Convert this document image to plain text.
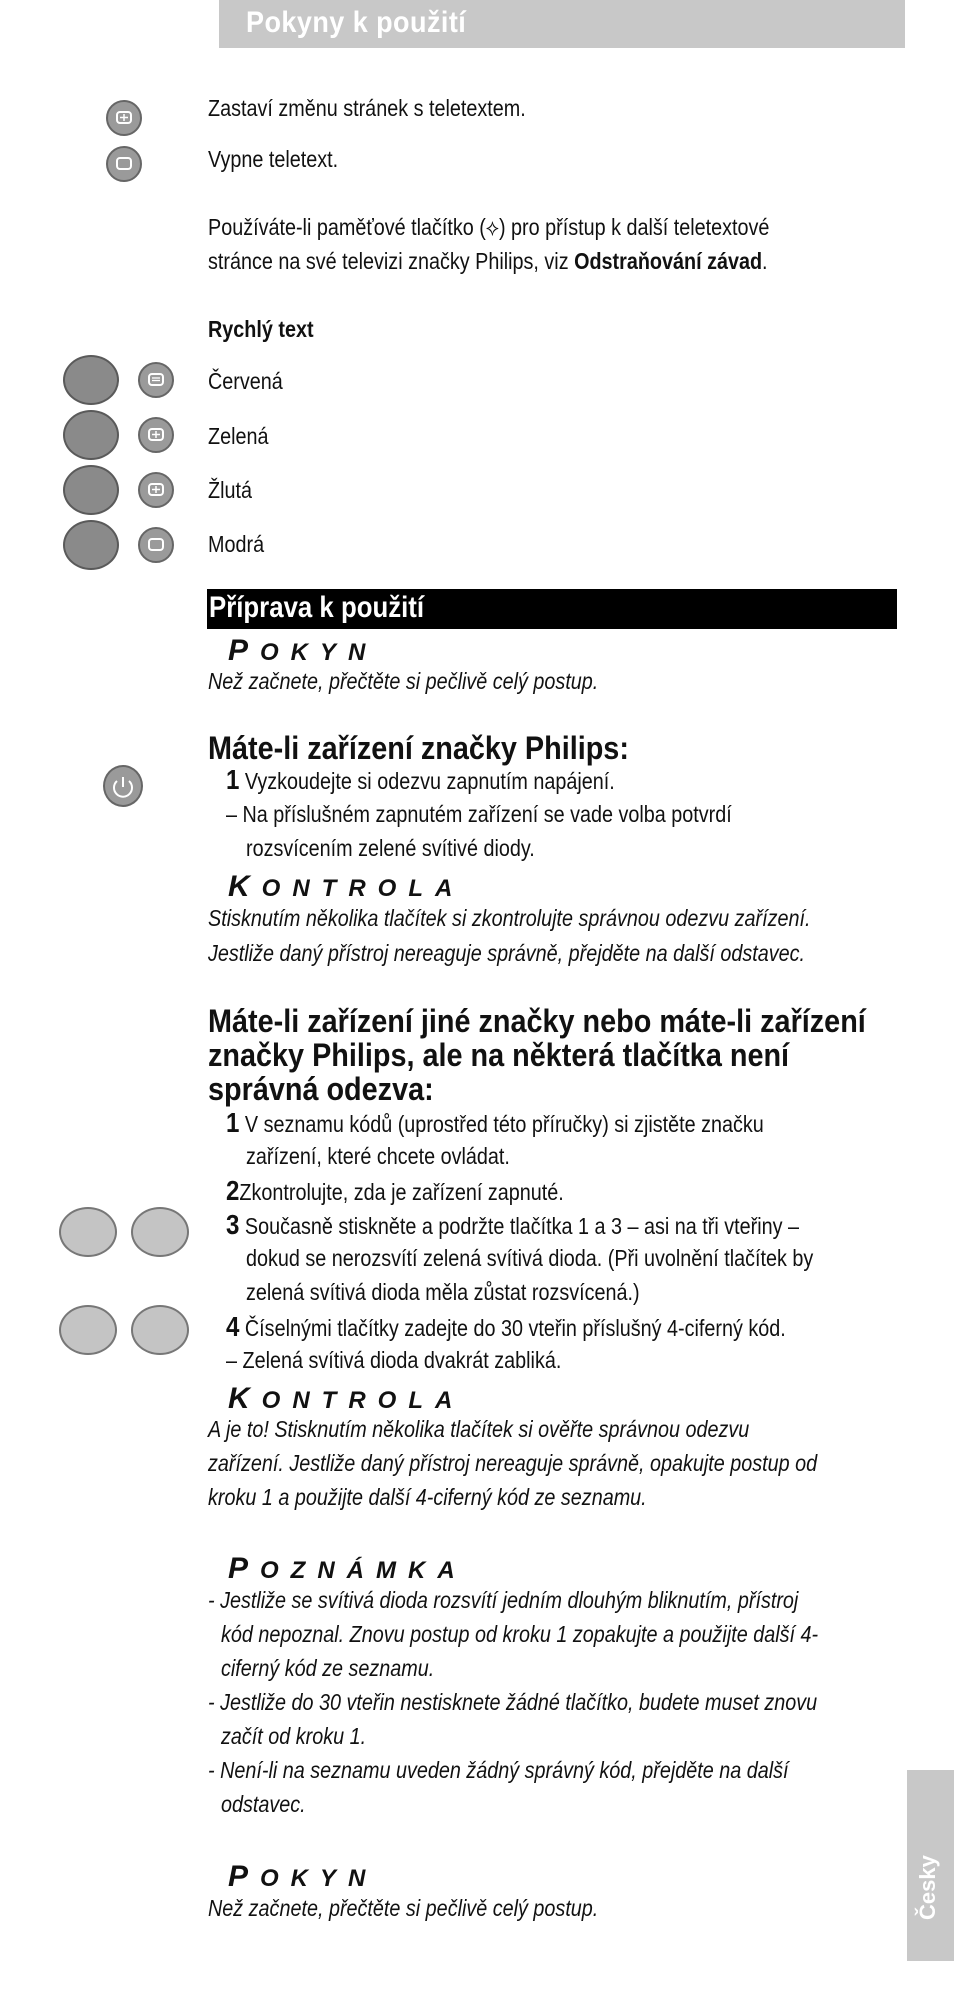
Pokyny k použití
Zastaví změnu stránek s teletextem.
Vypne teletext.
Používáte-li paměťové tlačítko (⟡) pro přístup k další teletextové
stránce na své televizi značky Philips, viz Odstraňování závad.
Rychlý text
Červená
Zelená
Žlutá
Modrá
Příprava k použití
POKYN
Než začnete, přečtěte si pečlivě celý postup.
Máte-li zařízení značky Philips:
1 Vyzkoudejte si odezvu zapnutím napájení.
– Na příslušném zapnutém zařízení se vade volba potvrdí
rozsvícením zelené svítivé diody.
KONTROLA
Stisknutím několika tlačítek si zkontrolujte správnou odezvu zařízení.
Jestliže daný přístroj nereaguje správně, přejděte na další odstavec.
Máte-li zařízení jiné značky nebo máte-li zařízení
značky Philips, ale na některá tlačítka není
správná odezva:
1 V seznamu kódů (uprostřed této příručky) si zjistěte značku
zařízení, které chcete ovládat.
2Zkontrolujte, zda je zařízení zapnuté.
3 Současně stiskněte a podržte tlačítka 1 a 3 – asi na tři vteřiny –
dokud se nerozsvítí zelená svítivá dioda. (Při uvolnění tlačítek by
zelená svítivá dioda měla zůstat rozsvícená.)
4 Číselnými tlačítky zadejte do 30 vteřin příslušný 4-ciferný kód.
– Zelená svítivá dioda dvakrát zabliká.
KONTROLA
A je to! Stisknutím několika tlačítek si ověřte správnou odezvu
zařízení. Jestliže daný přístroj nereaguje správně, opakujte postup od
kroku 1 a použijte další 4-ciferný kód ze seznamu.
POZNÁMKA
- Jestliže se svítivá dioda rozsvítí jedním dlouhým bliknutím, přístroj
kód nepoznal. Znovu postup od kroku 1 zopakujte a použijte další 4-
ciferný kód ze seznamu.
- Jestliže do 30 vteřin nestisknete žádné tlačítko, budete muset znovu
začít od kroku 1.
- Není-li na seznamu uveden žádný správný kód, přejděte na další
odstavec.
POKYN
Než začnete, přečtěte si pečlivě celý postup.	Česky
